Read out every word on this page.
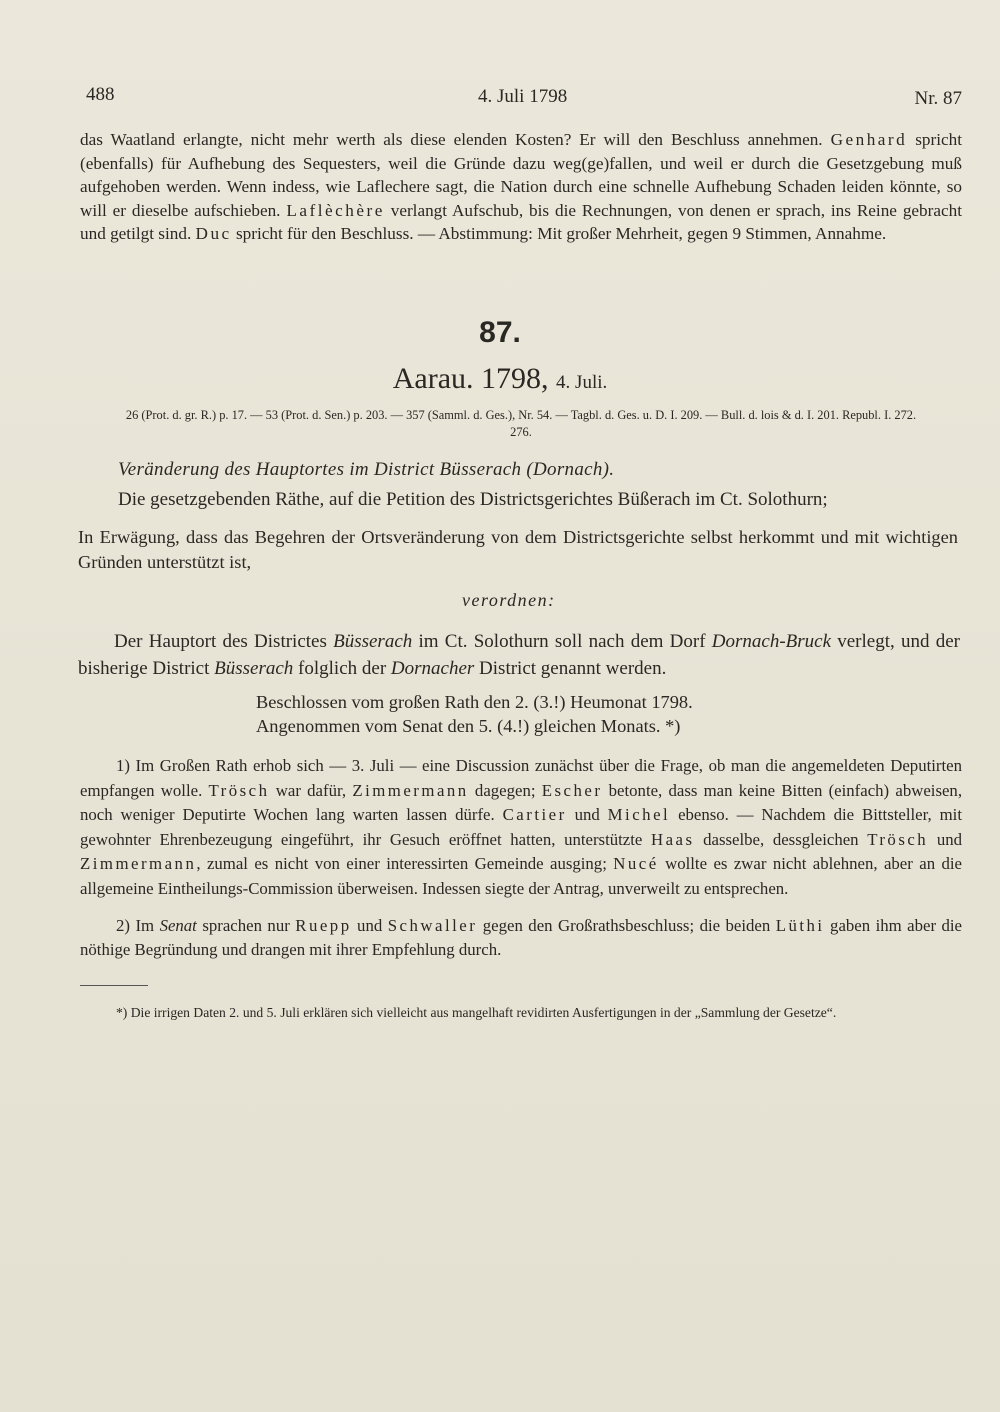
488	4. Juli 1798	Nr. 87
das Waatland erlangte, nicht mehr werth als diese elenden Kosten? Er will den Beschluss annehmen. Genhard spricht (ebenfalls) für Aufhebung des Sequesters, weil die Gründe dazu weg(ge)fallen, und weil er durch die Gesetzgebung muß aufgehoben werden. Wenn indess, wie Laflechere sagt, die Nation durch eine schnelle Aufhebung Schaden leiden könnte, so will er dieselbe aufschieben. Laflèchère verlangt Aufschub, bis die Rechnungen, von denen er sprach, ins Reine gebracht und getilgt sind. Duc spricht für den Beschluss. — Abstimmung: Mit großer Mehrheit, gegen 9 Stimmen, Annahme.
87.
Aarau. 1798, 4. Juli.
26 (Prot. d. gr. R.) p. 17. — 53 (Prot. d. Sen.) p. 203. — 357 (Samml. d. Ges.), Nr. 54. — Tagbl. d. Ges. u. D. I. 209. — Bull. d. lois & d. I. 201. Republ. I. 272. 276.
Veränderung des Hauptortes im District Büsserach (Dornach).
Die gesetzgebenden Räthe, auf die Petition des Districtsgerichtes Büßerach im Ct. Solothurn;
In Erwägung, dass das Begehren der Ortsveränderung von dem Districtsgerichte selbst herkommt und mit wichtigen Gründen unterstützt ist,
verordnen:
Der Hauptort des Districtes Büsserach im Ct. Solothurn soll nach dem Dorf Dornach-Bruck verlegt, und der bisherige District Büsserach folglich der Dornacher District genannt werden.

Beschlossen vom großen Rath den 2. (3.!) Heumonat 1798.

Angenommen vom Senat den 5. (4.!) gleichen Monats. *)

1) Im Großen Rath erhob sich — 3. Juli — eine Discussion zunächst über die Frage, ob man die angemeldeten Deputirten empfangen wolle. Trösch war dafür, Zimmermann dagegen; Escher betonte, dass man keine Bitten (einfach) abweisen, noch weniger Deputirte Wochen lang warten lassen dürfe. Cartier und Michel ebenso. — Nachdem die Bittsteller, mit gewohnter Ehrenbezeugung eingeführt, ihr Gesuch eröffnet hatten, unterstützte Haas dasselbe, dessgleichen Trösch und Zimmermann, zumal es nicht von einer interessirten Gemeinde ausging; Nucé wollte es zwar nicht ablehnen, aber an die allgemeine Eintheilungs-Commission überweisen. Indessen siegte der Antrag, unverweilt zu entsprechen.

2) Im Senat sprachen nur Ruepp und Schwaller gegen den Großrathsbeschluss; die beiden Lüthi gaben ihm aber die nöthige Begründung und drangen mit ihrer Empfehlung durch.

*) Die irrigen Daten 2. und 5. Juli erklären sich vielleicht aus mangelhaft revidirten Ausfertigungen in der „Sammlung der Gesetze“.
